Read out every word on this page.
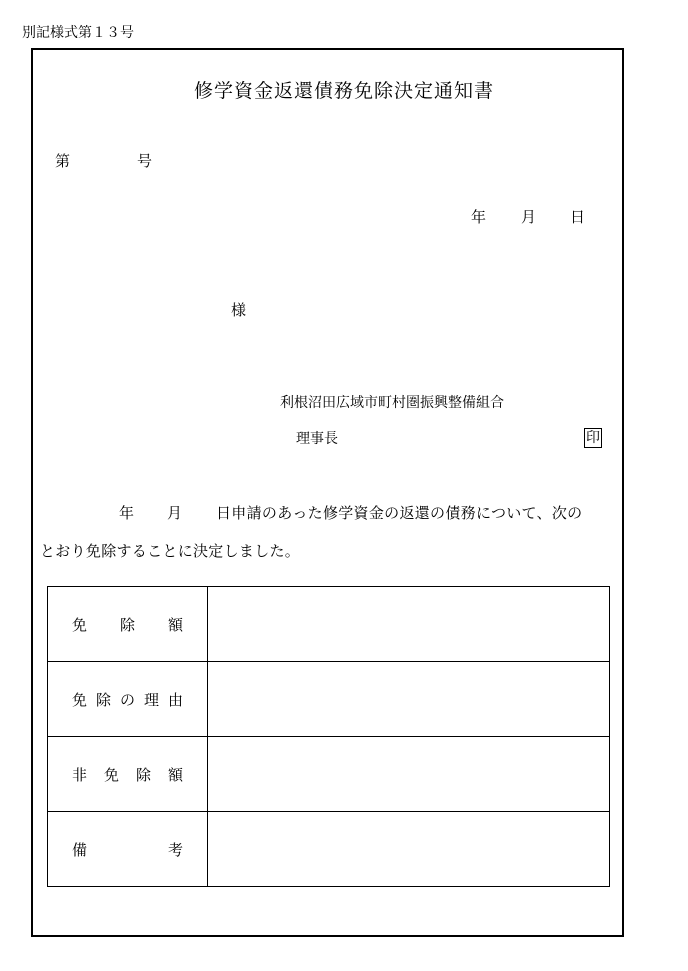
別記様式第１３号
修学資金返還債務免除決定通知書
第	号
年 月 日
様
利根沼田広域市町村圏振興整備組合
理事長	印
年 月 日申請のあった修学資金の返還の債務について、次の
とおり免除することに決定しました。
免 除 額	

免 除 の 理 由	

非 免 除 額	

備 考	
